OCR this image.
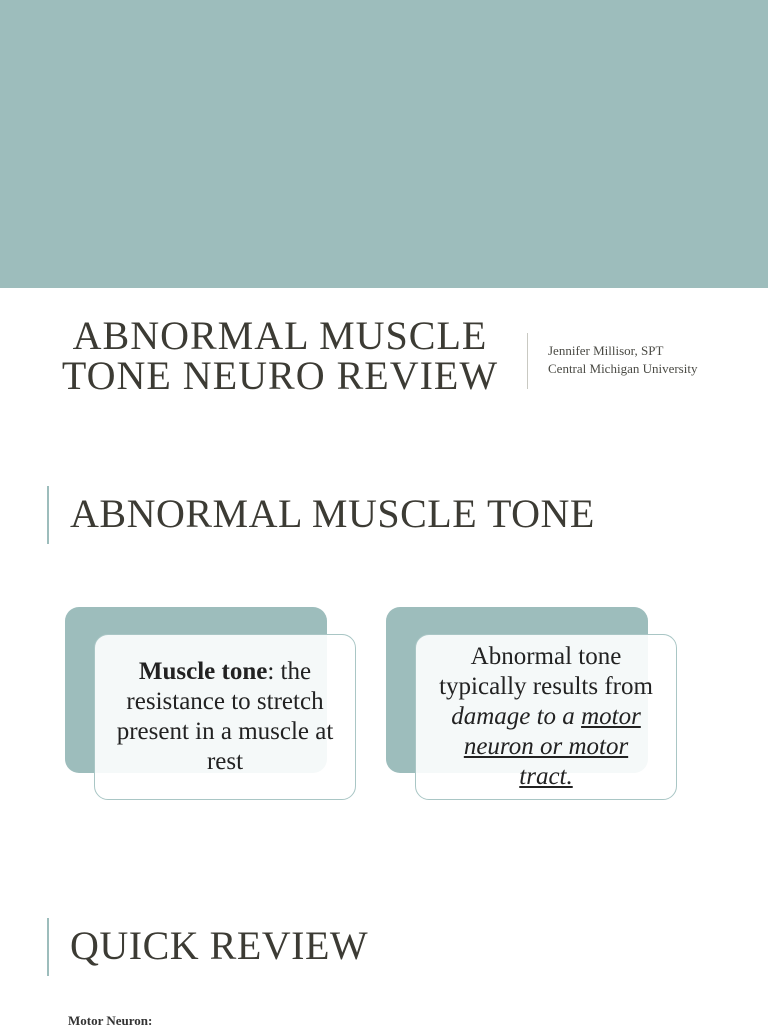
ABNORMAL MUSCLE
TONE NEURO REVIEW
Jennifer Millisor, SPT
Central Michigan University
ABNORMAL MUSCLE TONE
Muscle tone: the resistance to stretch present in a muscle at rest
Abnormal tone typically results from damage to a motor neuron or motor tract.
QUICK REVIEW
Motor Neuron:
